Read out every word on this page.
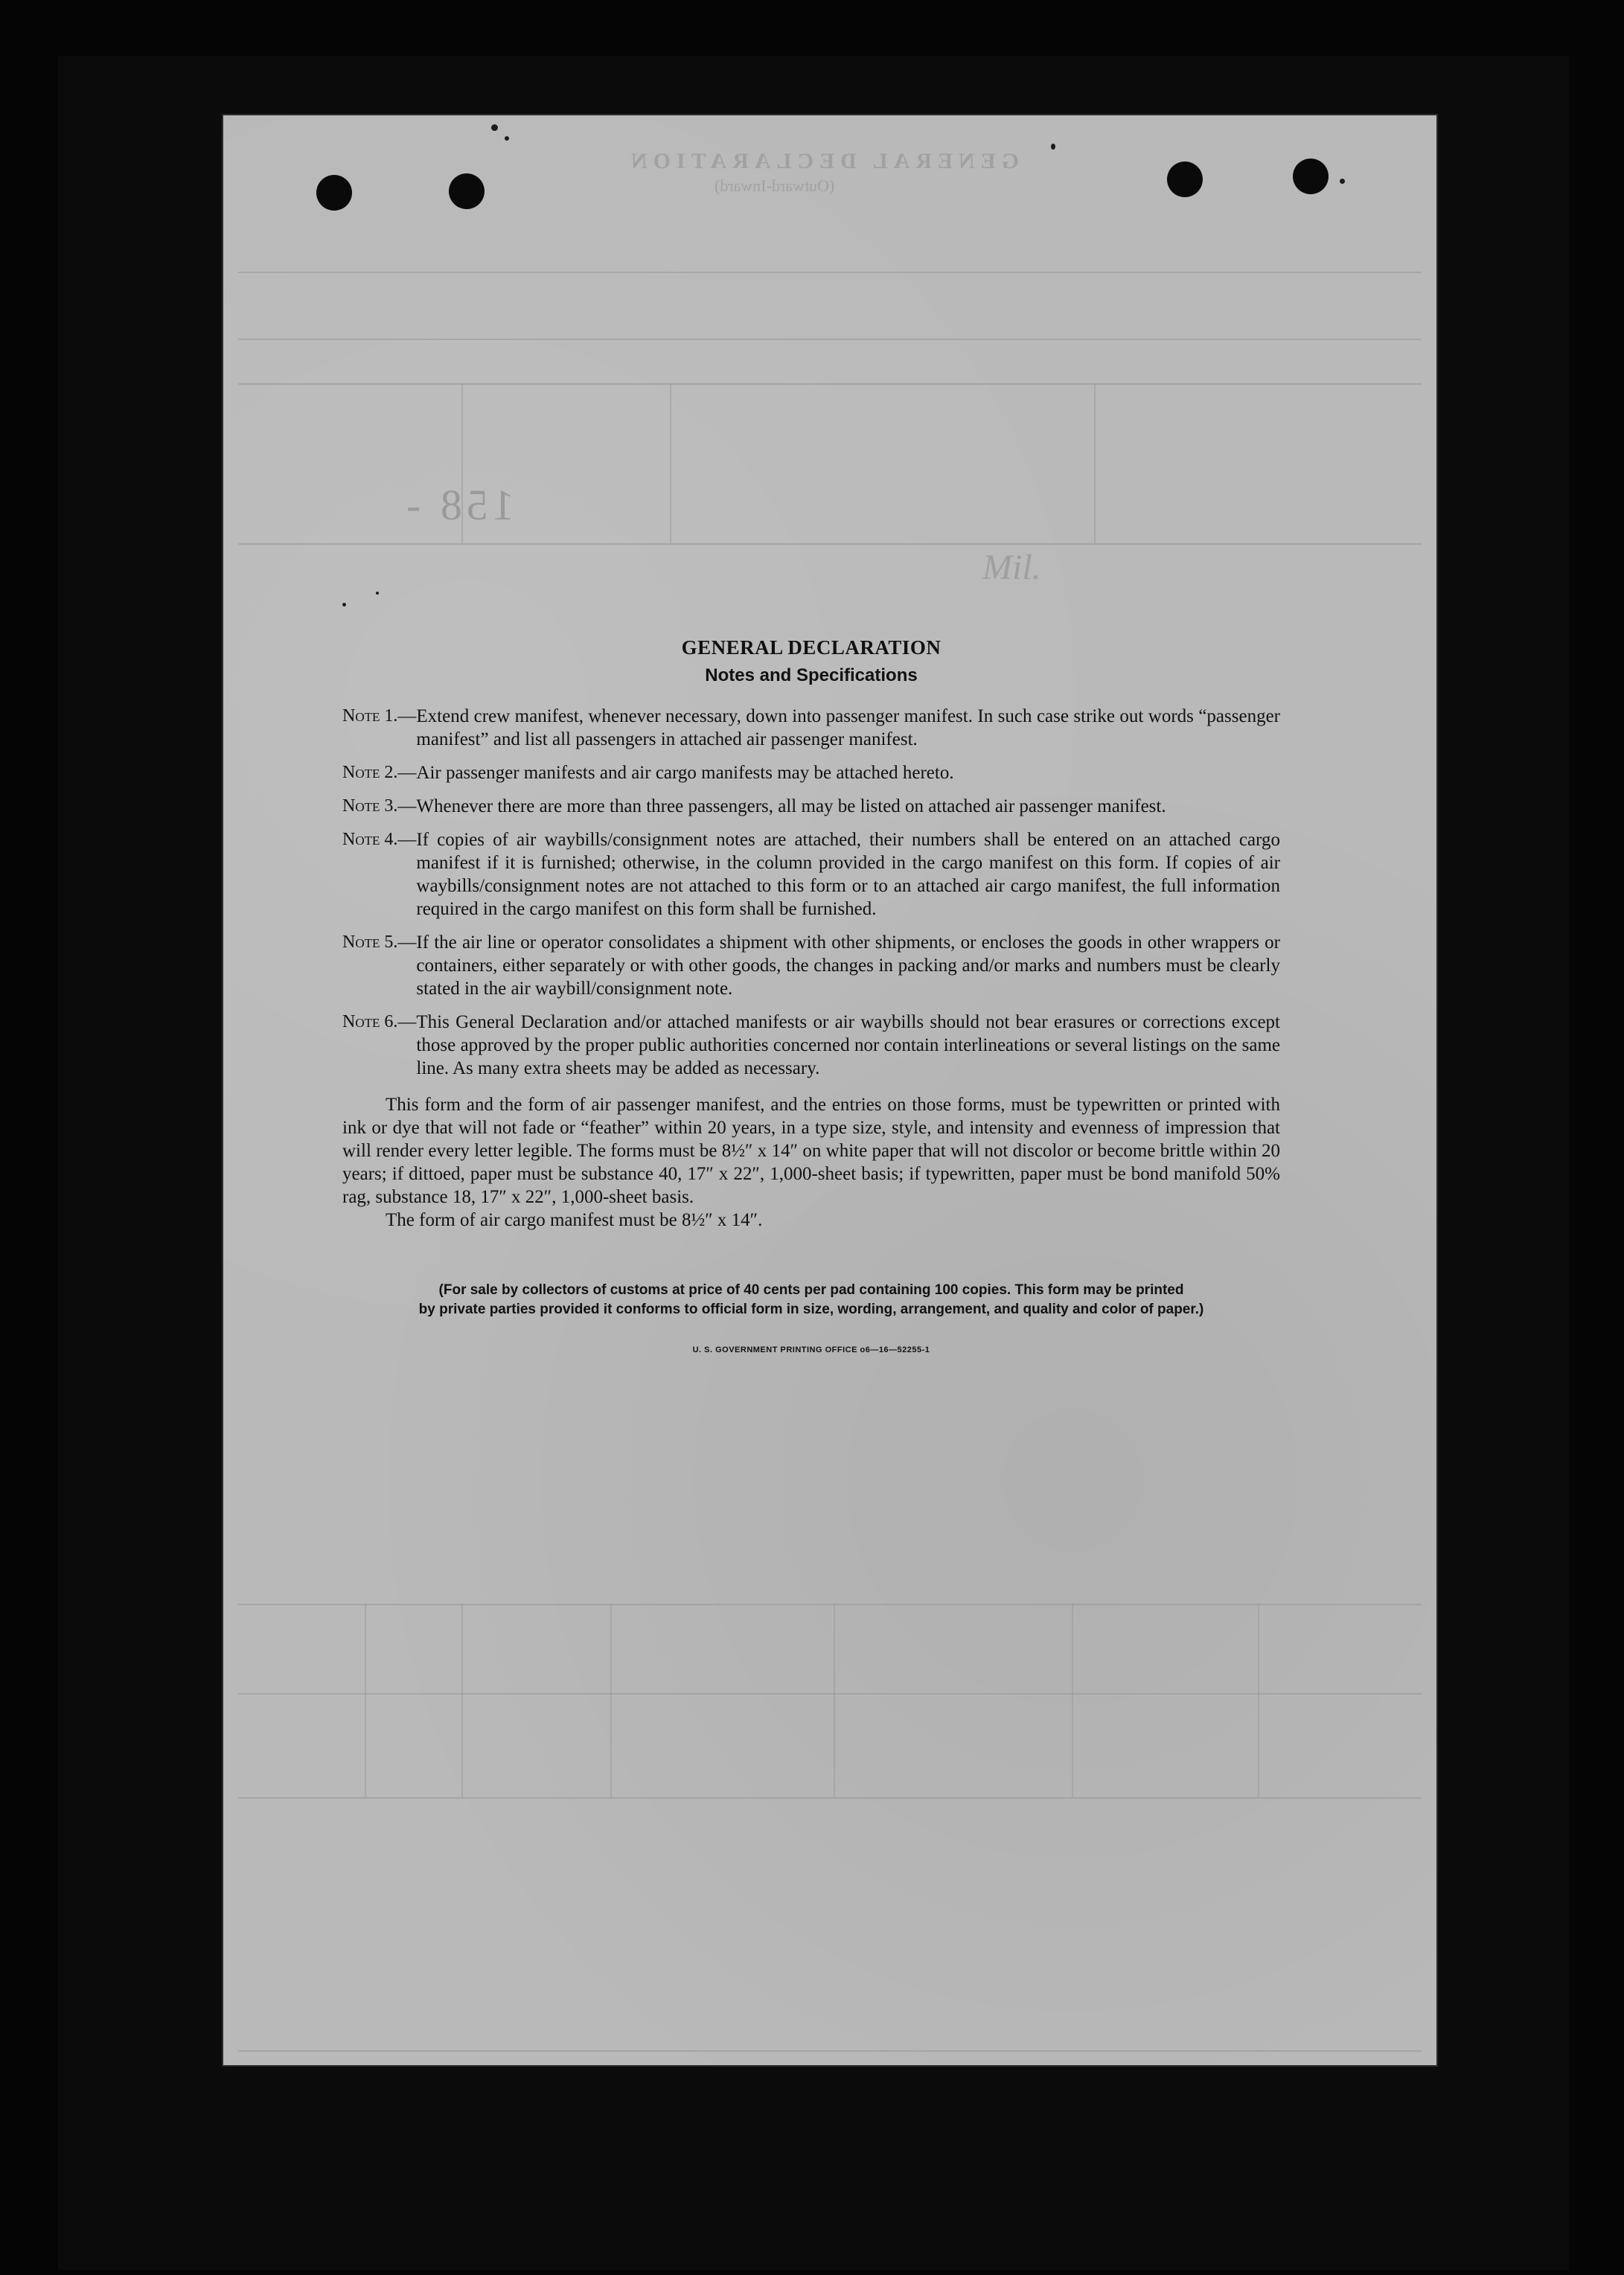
GENERAL DECLARATION
(Outward-Inward)
158 -
Mil.
GENERAL DECLARATION
Notes and Specifications
Note 1. — Extend crew manifest, whenever necessary, down into passenger manifest. In such case strike out words “passenger manifest” and list all passengers in attached air passenger manifest.
Note 2. — Air passenger manifests and air cargo manifests may be attached hereto.
Note 3. — Whenever there are more than three passengers, all may be listed on attached air passenger manifest.
Note 4. — If copies of air waybills/consignment notes are attached, their numbers shall be entered on an attached cargo manifest if it is furnished; otherwise, in the column provided in the cargo manifest on this form. If copies of air waybills/consignment notes are not attached to this form or to an attached air cargo manifest, the full information required in the cargo manifest on this form shall be furnished.
Note 5. — If the air line or operator consolidates a shipment with other shipments, or encloses the goods in other wrappers or containers, either separately or with other goods, the changes in packing and/or marks and numbers must be clearly stated in the air waybill/consignment note.
Note 6. — This General Declaration and/or attached manifests or air waybills should not bear erasures or corrections except those approved by the proper public authorities concerned nor contain interlineations or several listings on the same line. As many extra sheets may be added as necessary.
This form and the form of air passenger manifest, and the entries on those forms, must be typewritten or printed with ink or dye that will not fade or “feather” within 20 years, in a type size, style, and intensity and evenness of impression that will render every letter legible. The forms must be 8½″ x 14″ on white paper that will not discolor or become brittle within 20 years; if dittoed, paper must be substance 40, 17″ x 22″, 1,000-sheet basis; if typewritten, paper must be bond manifold 50% rag, substance 18, 17″ x 22″, 1,000-sheet basis.
The form of air cargo manifest must be 8½″ x 14″.
(For sale by collectors of customs at price of 40 cents per pad containing 100 copies. This form may be printed
by private parties provided it conforms to official form in size, wording, arrangement, and quality and color of paper.)
U. S. GOVERNMENT PRINTING OFFICE o6—16—52255-1
